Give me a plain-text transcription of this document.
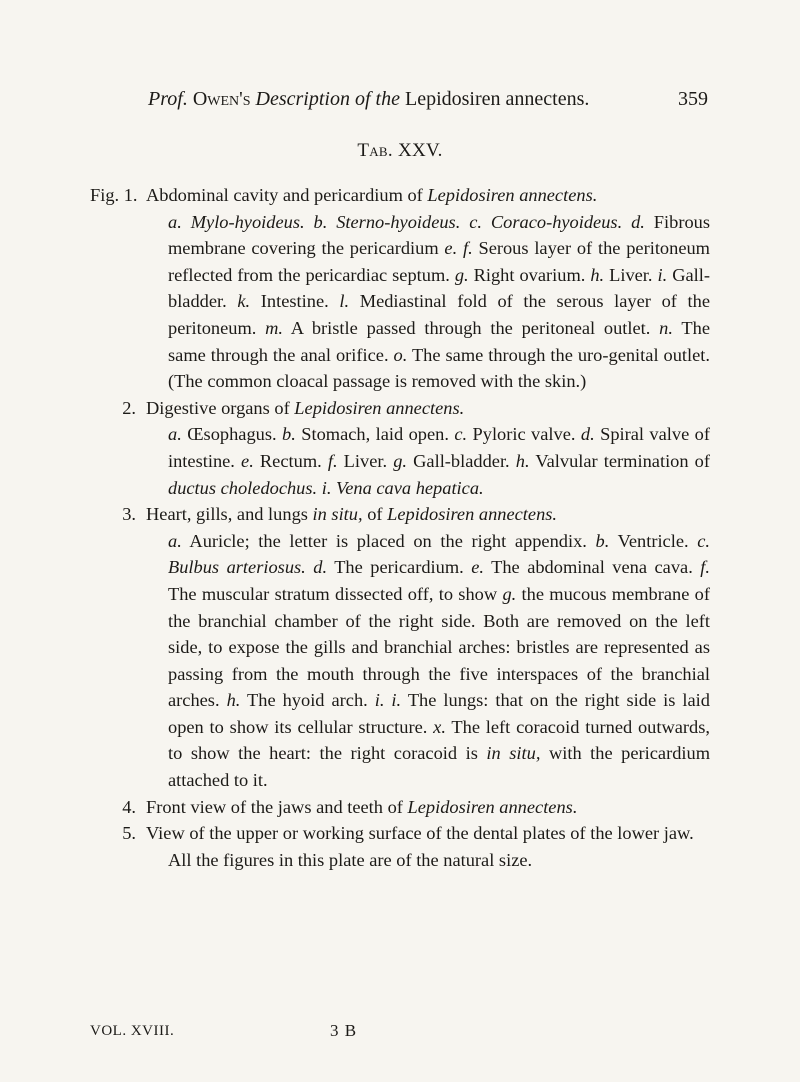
Prof. Owen's Description of the Lepidosiren annectens.	359
Tab. XXV.
Fig. 1. Abdominal cavity and pericardium of Lepidosiren annectens.
a. Mylo-hyoideus. b. Sterno-hyoideus. c. Coraco-hyoideus. d. Fibrous membrane covering the pericardium e. f. Serous layer of the peritoneum reflected from the pericardiac septum. g. Right ovarium. h. Liver. i. Gall-bladder. k. Intestine. l. Mediastinal fold of the serous layer of the peritoneum. m. A bristle passed through the peritoneal outlet. n. The same through the anal orifice. o. The same through the uro-genital outlet. (The common cloacal passage is removed with the skin.)
2. Digestive organs of Lepidosiren annectens.
a. Œsophagus. b. Stomach, laid open. c. Pyloric valve. d. Spiral valve of intestine. e. Rectum. f. Liver. g. Gall-bladder. h. Valvular termination of ductus choledochus. i. Vena cava hepatica.
3. Heart, gills, and lungs in situ, of Lepidosiren annectens.
a. Auricle; the letter is placed on the right appendix. b. Ventricle. c. Bulbus arteriosus. d. The pericardium. e. The abdominal vena cava. f. The muscular stratum dissected off, to show g. the mucous membrane of the branchial chamber of the right side. Both are removed on the left side, to expose the gills and branchial arches: bristles are represented as passing from the mouth through the five interspaces of the branchial arches. h. The hyoid arch. i. i. The lungs: that on the right side is laid open to show its cellular structure. x. The left coracoid turned outwards, to show the heart: the right coracoid is in situ, with the pericardium attached to it.
4. Front view of the jaws and teeth of Lepidosiren annectens.
5. View of the upper or working surface of the dental plates of the lower jaw.
All the figures in this plate are of the natural size.
VOL. XVIII.	3 B
